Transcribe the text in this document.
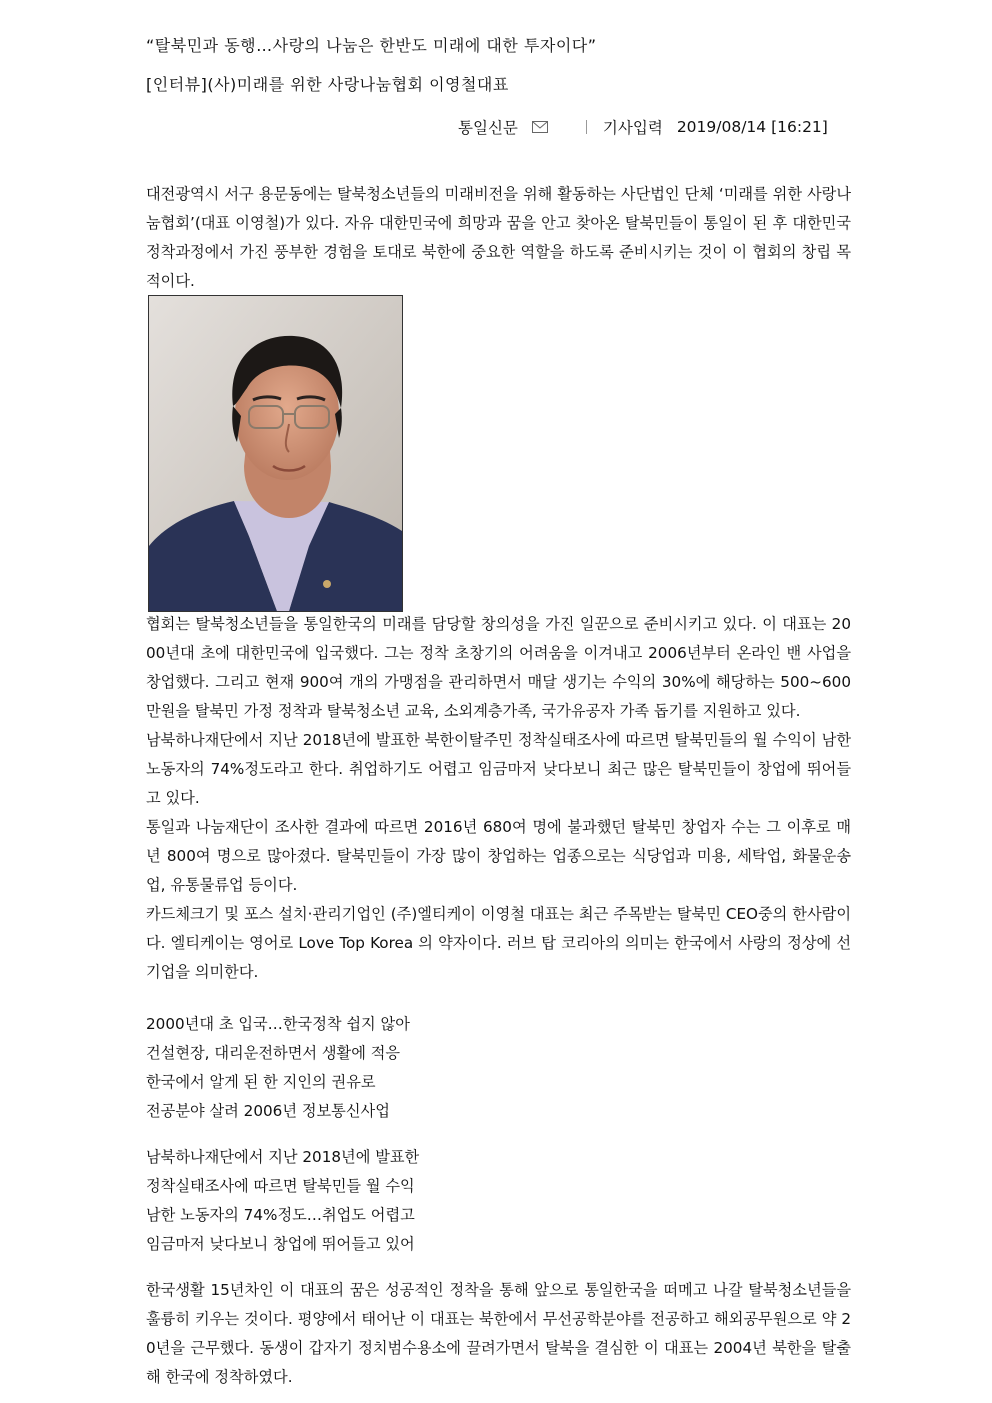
“탈북민과 동행…사랑의 나눔은 한반도 미래에 대한 투자이다”
[인터뷰](사)미래를 위한 사랑나눔협회 이영철대표
통일신문	기사입력 2019/08/14 [16:21]

대전광역시 서구 용문동에는 탈북청소년들의 미래비전을 위해 활동하는 사단법인 단체 ‘미래를 위한 사랑나눔협회’(대표 이영철)가 있다. 자유 대한민국에 희망과 꿈을 안고 찾아온 탈북민들이 통일이 된 후 대한민국 정착과정에서 가진 풍부한 경험을 토대로 북한에 중요한 역할을 하도록 준비시키는 것이 이 협회의 창립 목적이다.

협회는 탈북청소년들을 통일한국의 미래를 담당할 창의성을 가진 일꾼으로 준비시키고 있다. 이 대표는 2000년대 초에 대한민국에 입국했다. 그는 정착 초창기의 어려움을 이겨내고 2006년부터 온라인 밴 사업을 창업했다. 그리고 현재 900여 개의 가맹점을 관리하면서 매달 생기는 수익의 30%에 해당하는 500~600만원을 탈북민 가정 정착과 탈북청소년 교육, 소외계층가족, 국가유공자 가족 돕기를 지원하고 있다.
남북하나재단에서 지난 2018년에 발표한 북한이탈주민 정착실태조사에 따르면 탈북민들의 월 수익이 남한 노동자의 74%정도라고 한다. 취업하기도 어렵고 임금마저 낮다보니 최근 많은 탈북민들이 창업에 뛰어들고 있다.
통일과 나눔재단이 조사한 결과에 따르면 2016년 680여 명에 불과했던 탈북민 창업자 수는 그 이후로 매년 800여 명으로 많아졌다. 탈북민들이 가장 많이 창업하는 업종으로는 식당업과 미용, 세탁업, 화물운송업, 유통물류업 등이다.
카드체크기 및 포스 설치·관리기업인 (주)엘티케이 이영철 대표는 최근 주목받는 탈북민 CEO중의 한사람이다. 엘티케이는 영어로 Love Top Korea 의 약자이다. 러브 탑 코리아의 의미는 한국에서 사랑의 정상에 선 기업을 의미한다.
2000년대 초 입국…한국정착 쉽지 않아
건설현장, 대리운전하면서 생활에 적응
한국에서 알게 된 한 지인의 권유로
전공분야 살려 2006년 정보통신사업
남북하나재단에서 지난 2018년에 발표한
정착실태조사에 따르면 탈북민들 월 수익
남한 노동자의 74%정도…취업도 어렵고
임금마저 낮다보니 창업에 뛰어들고 있어

한국생활 15년차인 이 대표의 꿈은 성공적인 정착을 통해 앞으로 통일한국을 떠메고 나갈 탈북청소년들을 훌륭히 키우는 것이다. 평양에서 태어난 이 대표는 북한에서 무선공학분야를 전공하고 해외공무원으로 약 20년을 근무했다. 동생이 갑자기 정치범수용소에 끌려가면서 탈북을 결심한 이 대표는 2004년 북한을 탈출해 한국에 정착하였다.
